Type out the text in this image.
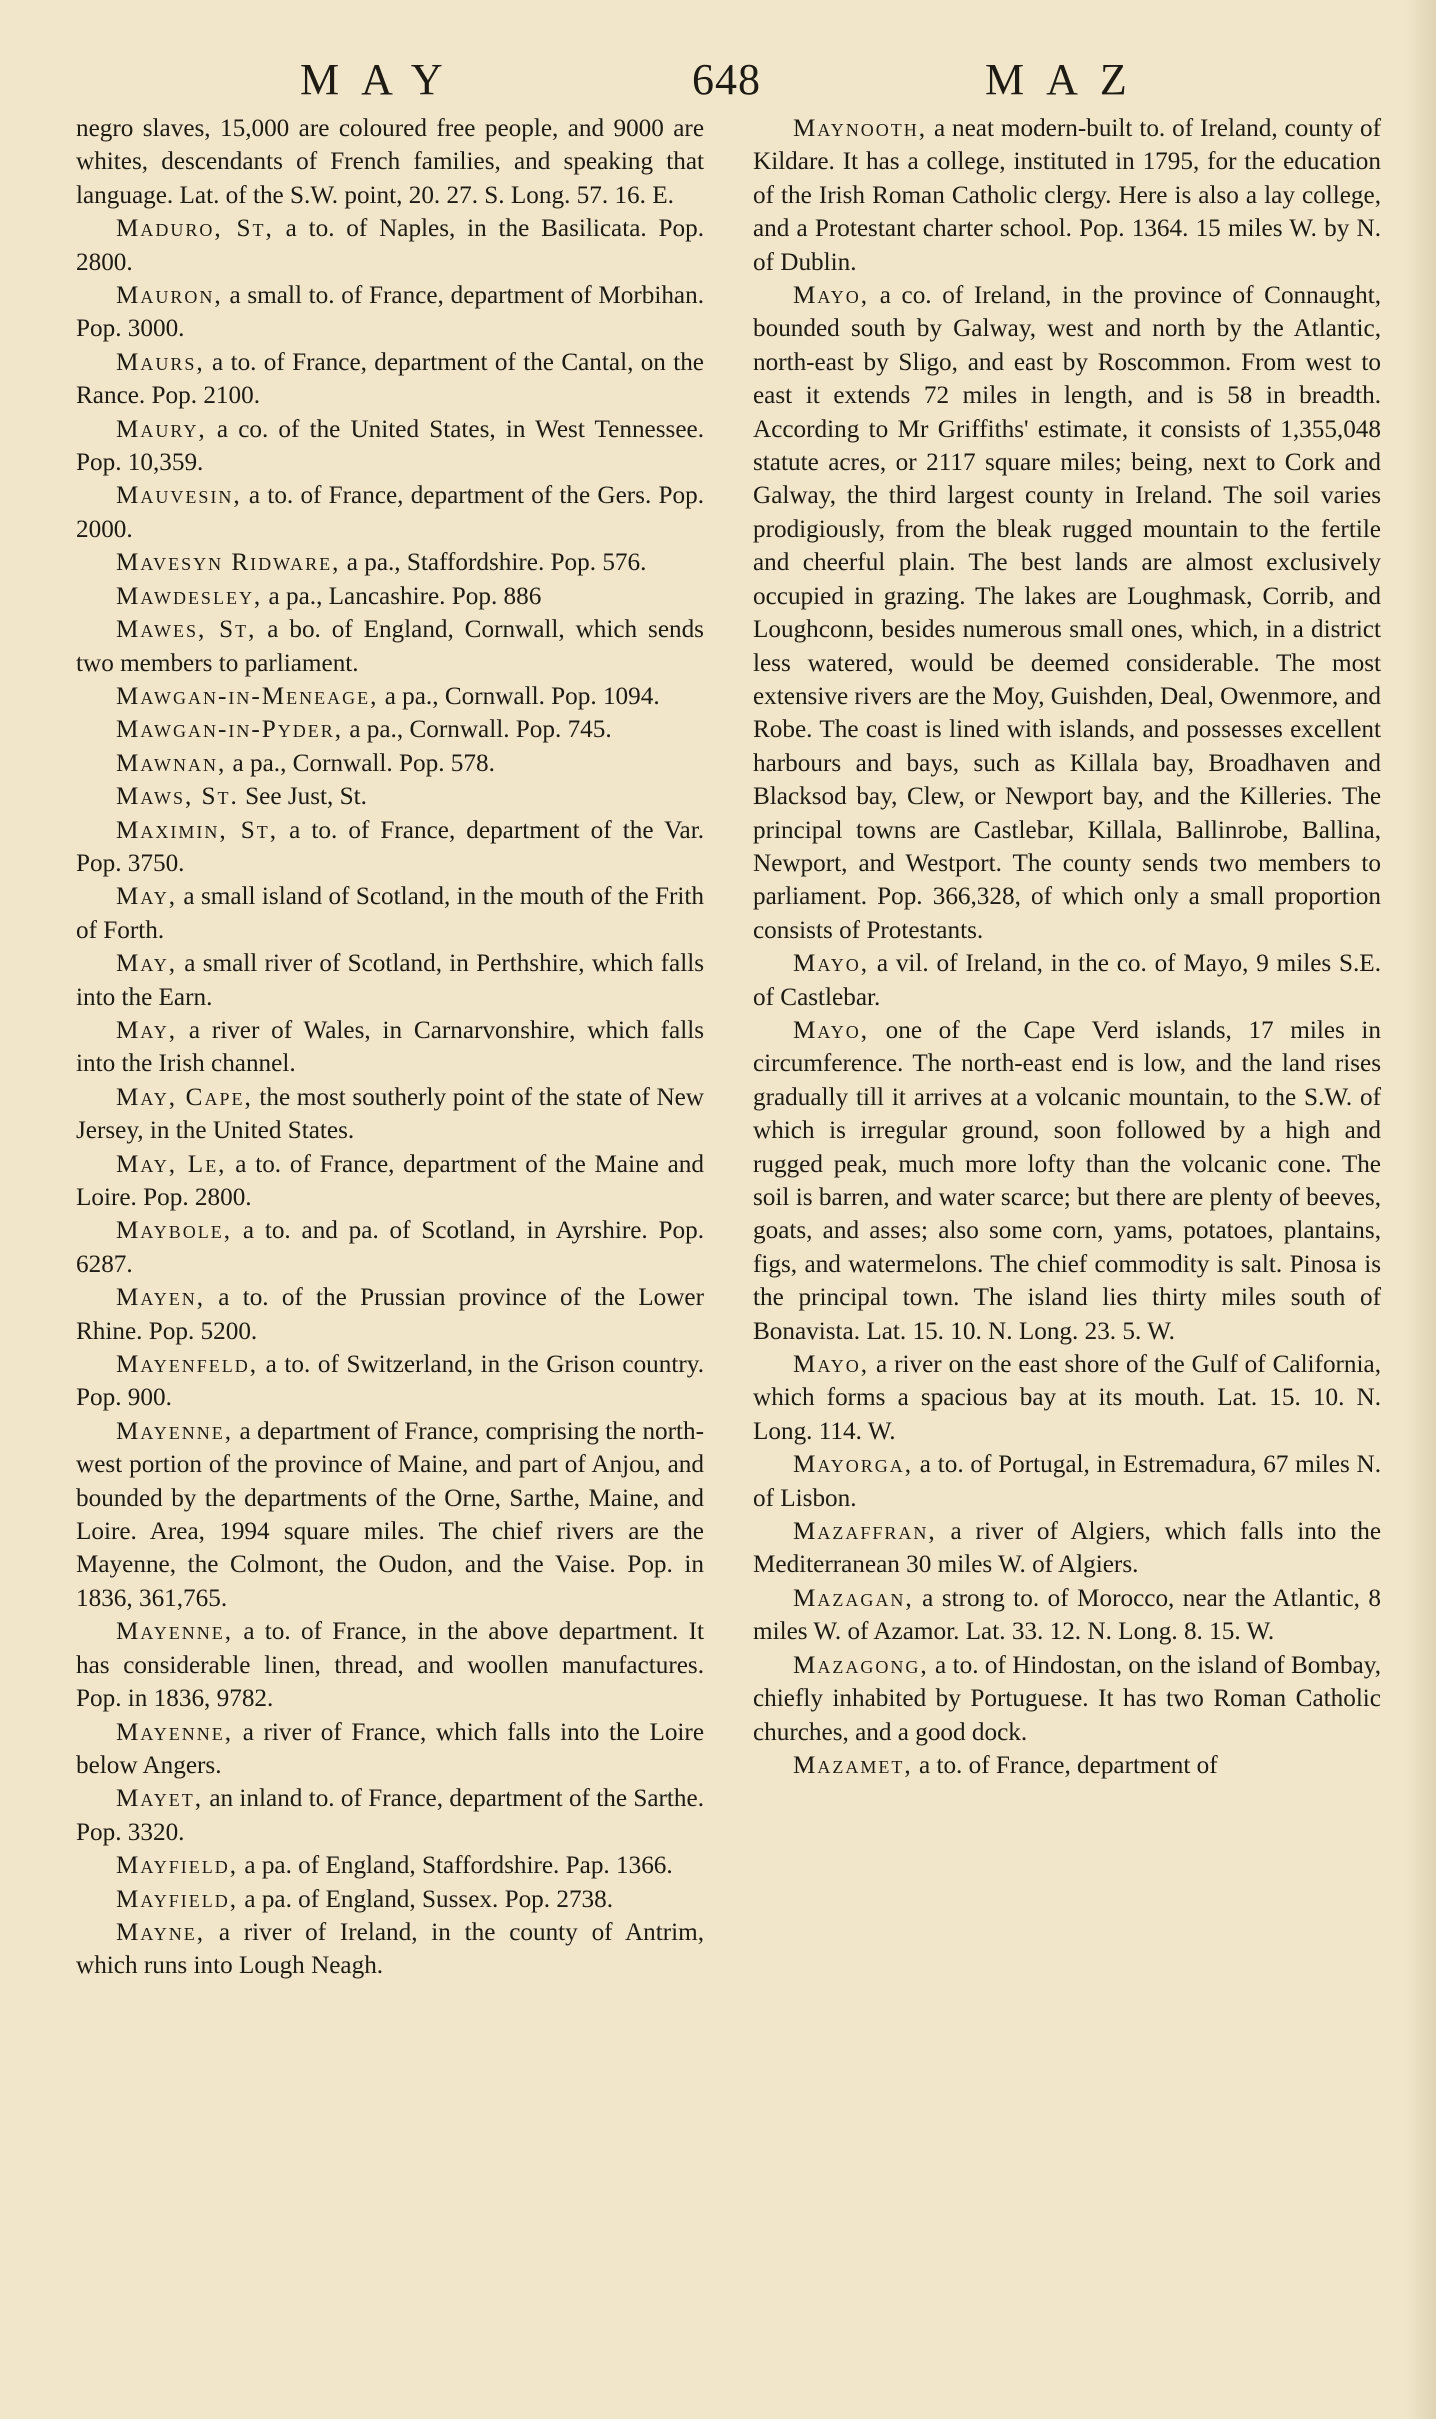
MAY	648	MAZ

negro slaves, 15,000 are coloured free people, and 9000 are whites, descendants of French families, and speaking that language. Lat. of the S.W. point, 20. 27. S. Long. 57. 16. E.

Maduro, St, a to. of Naples, in the Basilicata. Pop. 2800.

Mauron, a small to. of France, department of Morbihan. Pop. 3000.

Maurs, a to. of France, department of the Cantal, on the Rance. Pop. 2100.

Maury, a co. of the United States, in West Tennessee. Pop. 10,359.

Mauvesin, a to. of France, department of the Gers. Pop. 2000.

Mavesyn Ridware, a pa., Staffordshire. Pop. 576.

Mawdesley, a pa., Lancashire. Pop. 886

Mawes, St, a bo. of England, Cornwall, which sends two members to parliament.

Mawgan-in-Meneage, a pa., Cornwall. Pop. 1094.

Mawgan-in-Pyder, a pa., Cornwall. Pop. 745.

Mawnan, a pa., Cornwall. Pop. 578.

Maws, St. See Just, St.

Maximin, St, a to. of France, department of the Var. Pop. 3750.

May, a small island of Scotland, in the mouth of the Frith of Forth.

May, a small river of Scotland, in Perthshire, which falls into the Earn.

May, a river of Wales, in Carnarvonshire, which falls into the Irish channel.

May, Cape, the most southerly point of the state of New Jersey, in the United States.

May, Le, a to. of France, department of the Maine and Loire. Pop. 2800.

Maybole, a to. and pa. of Scotland, in Ayrshire. Pop. 6287.

Mayen, a to. of the Prussian province of the Lower Rhine. Pop. 5200.

Mayenfeld, a to. of Switzerland, in the Grison country. Pop. 900.

Mayenne, a department of France, comprising the north-west portion of the province of Maine, and part of Anjou, and bounded by the departments of the Orne, Sarthe, Maine, and Loire. Area, 1994 square miles. The chief rivers are the Mayenne, the Colmont, the Oudon, and the Vaise. Pop. in 1836, 361,765.

Mayenne, a to. of France, in the above department. It has considerable linen, thread, and woollen manufactures. Pop. in 1836, 9782.

Mayenne, a river of France, which falls into the Loire below Angers.

Mayet, an inland to. of France, department of the Sarthe. Pop. 3320.

Mayfield, a pa. of England, Staffordshire. Pap. 1366.

Mayfield, a pa. of England, Sussex. Pop. 2738.

Mayne, a river of Ireland, in the county of Antrim, which runs into Lough Neagh.

Maynooth, a neat modern-built to. of Ireland, county of Kildare. It has a college, instituted in 1795, for the education of the Irish Roman Catholic clergy. Here is also a lay college, and a Protestant charter school. Pop. 1364. 15 miles W. by N. of Dublin.

Mayo, a co. of Ireland, in the province of Connaught, bounded south by Galway, west and north by the Atlantic, north-east by Sligo, and east by Roscommon. From west to east it extends 72 miles in length, and is 58 in breadth. According to Mr Griffiths' estimate, it consists of 1,355,048 statute acres, or 2117 square miles; being, next to Cork and Galway, the third largest county in Ireland. The soil varies prodigiously, from the bleak rugged mountain to the fertile and cheerful plain. The best lands are almost exclusively occupied in grazing. The lakes are Loughmask, Corrib, and Loughconn, besides numerous small ones, which, in a district less watered, would be deemed considerable. The most extensive rivers are the Moy, Guishden, Deal, Owenmore, and Robe. The coast is lined with islands, and possesses excellent harbours and bays, such as Killala bay, Broadhaven and Blacksod bay, Clew, or Newport bay, and the Killeries. The principal towns are Castlebar, Killala, Ballinrobe, Ballina, Newport, and Westport. The county sends two members to parliament. Pop. 366,328, of which only a small proportion consists of Protestants.

Mayo, a vil. of Ireland, in the co. of Mayo, 9 miles S.E. of Castlebar.

Mayo, one of the Cape Verd islands, 17 miles in circumference. The north-east end is low, and the land rises gradually till it arrives at a volcanic mountain, to the S.W. of which is irregular ground, soon followed by a high and rugged peak, much more lofty than the volcanic cone. The soil is barren, and water scarce; but there are plenty of beeves, goats, and asses; also some corn, yams, potatoes, plantains, figs, and watermelons. The chief commodity is salt. Pinosa is the principal town. The island lies thirty miles south of Bonavista. Lat. 15. 10. N. Long. 23. 5. W.

Mayo, a river on the east shore of the Gulf of California, which forms a spacious bay at its mouth. Lat. 15. 10. N. Long. 114. W.

Mayorga, a to. of Portugal, in Estremadura, 67 miles N. of Lisbon.

Mazaffran, a river of Algiers, which falls into the Mediterranean 30 miles W. of Algiers.

Mazagan, a strong to. of Morocco, near the Atlantic, 8 miles W. of Azamor. Lat. 33. 12. N. Long. 8. 15. W.

Mazagong, a to. of Hindostan, on the island of Bombay, chiefly inhabited by Portuguese. It has two Roman Catholic churches, and a good dock.

Mazamet, a to. of France, department of
